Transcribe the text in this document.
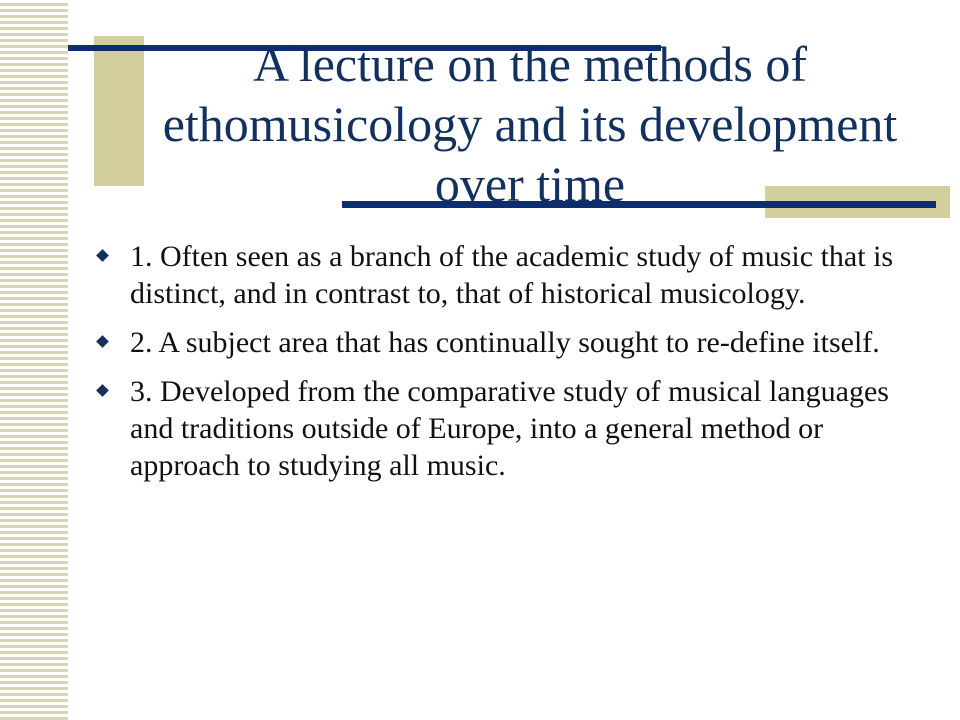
A lecture on the methods of ethomusicology and its development over time
1. Often seen as a branch of the academic study of music that is distinct, and in contrast to, that of historical musicology.
2. A subject area that has continually sought to re-define itself.
3. Developed from the comparative study of musical languages and traditions outside of Europe, into a general method or approach to studying all music.
